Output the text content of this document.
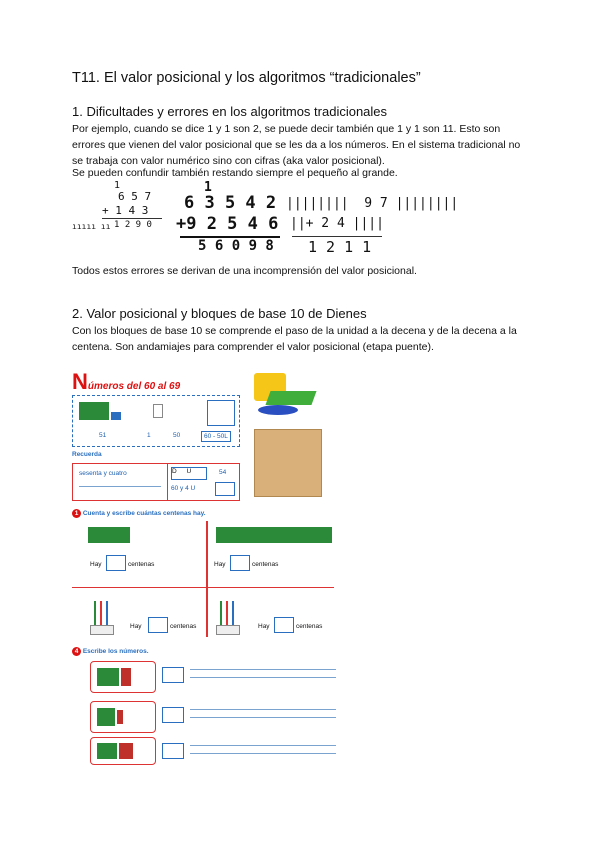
T11. El valor posicional y los algoritmos “tradicionales”
1. Dificultades y errores en los algoritmos tradicionales
Por ejemplo, cuando se dice 1 y 1 son 2, se puede decir también que 1 y 1 son 11. Esto son errores que vienen del valor posicional que se les da a los números. En el sistema tradicional no se trabaja con valor numérico sino con cifras (aka valor posicional).
Se pueden confundir también restando siempre el pequeño al grande.
1
6 5 7
+ 1 4 3
ııııı ıı 1 2 9 0
1
6 3 5 4 2
+9 2 5 4 6
5 6 0 9 8
||||||||  9 7 ||||||||
||+ 2 4 ||||
1 2 1 1
Todos estos errores se derivan de una incomprensión del valor posicional.
2. Valor posicional y bloques de base 10 de Dienes
Con los bloques de base 10 se comprende el paso de la unidad a la decena y de la decena a la centena. Son andamiajes para comprender el valor posicional (etapa puente).
Números del 60 al 69
51	1	50	60 - 50L
Recuerda
sesenta y cuatro	D U	54
60 y 4 U
1 Cuenta y escribe cuántas centenas hay.
Hay	centenas	Hay	centenas
Hay	centenas	Hay	centenas
4 Escribe los números.
